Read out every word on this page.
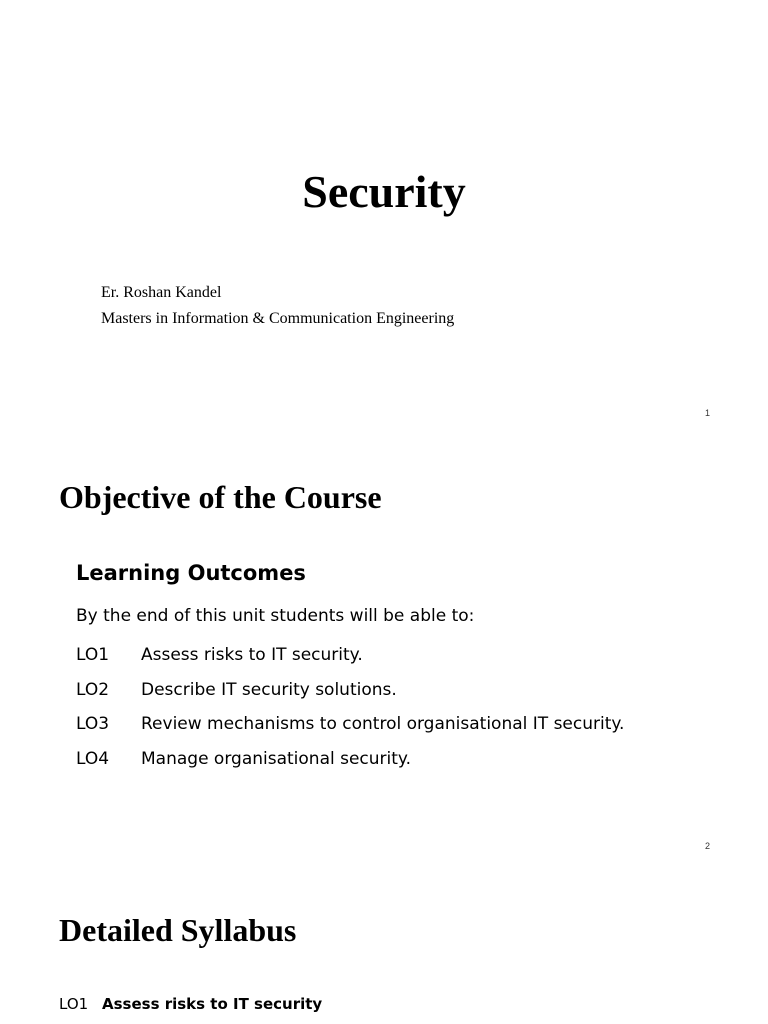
Security

Er. Roshan Kandel

Masters in Information & Communication Engineering

1
Objective of the Course
Learning Outcomes
By the end of this unit students will be able to:
LO1	Assess risks to IT security.
LO2	Describe IT security solutions.
LO3	Review mechanisms to control organisational IT security.
LO4	Manage organisational security.
2
Detailed Syllabus
LO1 Assess risks to IT security
